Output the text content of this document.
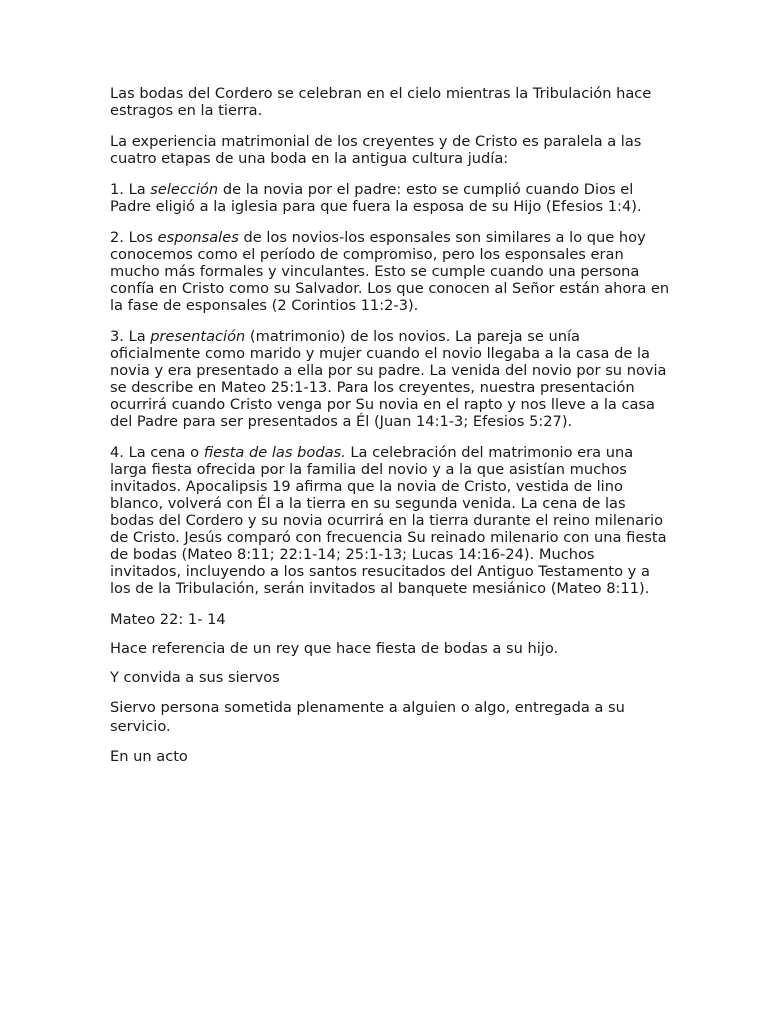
Las bodas del Cordero se celebran en el cielo mientras la Tribulación hace estragos en la tierra.

La experiencia matrimonial de los creyentes y de Cristo es paralela a las cuatro etapas de una boda en la antigua cultura judía:

1. La selección de la novia por el padre: esto se cumplió cuando Dios el Padre eligió a la iglesia para que fuera la esposa de su Hijo (Efesios 1:4).

2. Los esponsales de los novios-los esponsales son similares a lo que hoy conocemos como el período de compromiso, pero los esponsales eran mucho más formales y vinculantes. Esto se cumple cuando una persona confía en Cristo como su Salvador. Los que conocen al Señor están ahora en la fase de esponsales (2 Corintios 11:2-3).

3. La presentación (matrimonio) de los novios. La pareja se unía oficialmente como marido y mujer cuando el novio llegaba a la casa de la novia y era presentado a ella por su padre. La venida del novio por su novia se describe en Mateo 25:1-13. Para los creyentes, nuestra presentación ocurrirá cuando Cristo venga por Su novia en el rapto y nos lleve a la casa del Padre para ser presentados a Él (Juan 14:1-3; Efesios 5:27).

4. La cena o fiesta de las bodas. La celebración del matrimonio era una larga fiesta ofrecida por la familia del novio y a la que asistían muchos invitados. Apocalipsis 19 afirma que la novia de Cristo, vestida de lino blanco, volverá con Él a la tierra en su segunda venida. La cena de las bodas del Cordero y su novia ocurrirá en la tierra durante el reino milenario de Cristo. Jesús comparó con frecuencia Su reinado milenario con una fiesta de bodas (Mateo 8:11; 22:1-14; 25:1-13; Lucas 14:16-24). Muchos invitados, incluyendo a los santos resucitados del Antiguo Testamento y a los de la Tribulación, serán invitados al banquete mesiánico (Mateo 8:11).

Mateo 22: 1- 14

Hace referencia de un rey que hace fiesta de bodas a su hijo.

Y convida a sus siervos

Siervo persona sometida plenamente a alguien o algo, entregada a su servicio.

En un acto
